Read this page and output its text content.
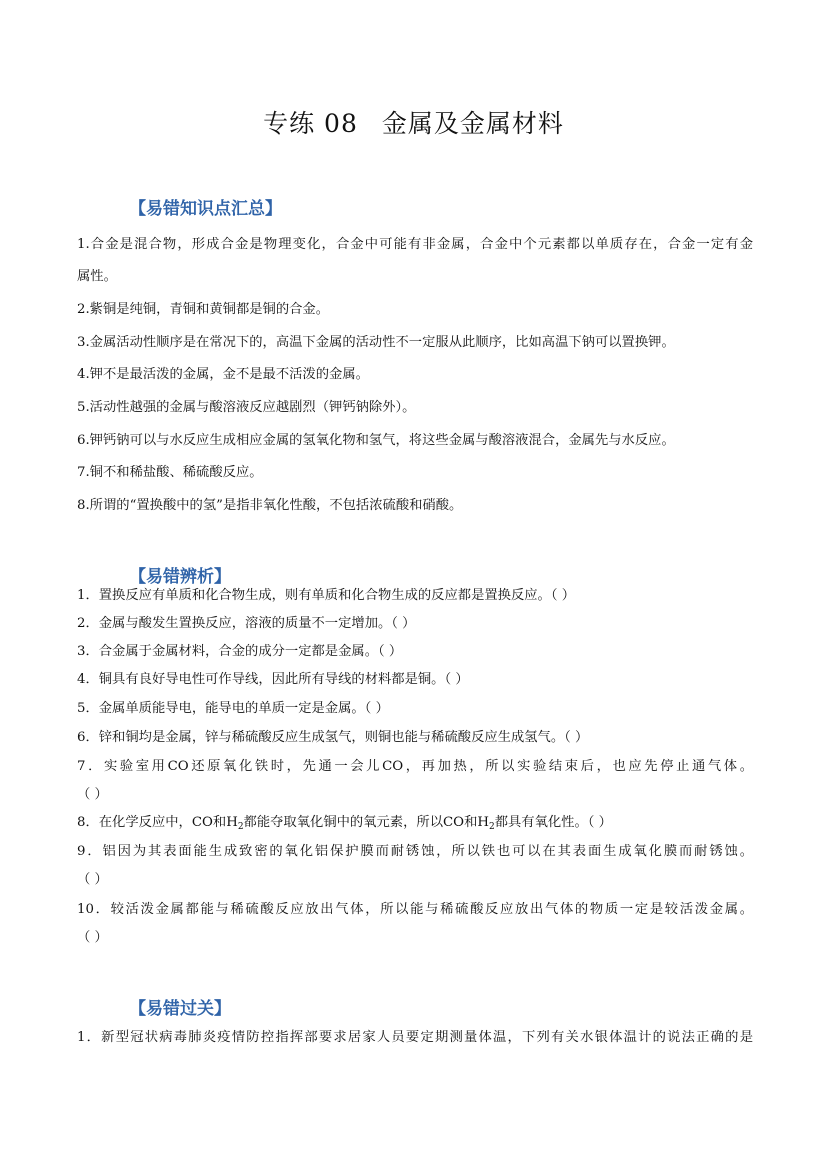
专练 08 金属及金属材料
【易错知识点汇总】
1.合金是混合物，形成合金是物理变化，合金中可能有非金属，合金中个元素都以单质存在，合金一定有金
属性。
2.紫铜是纯铜，青铜和黄铜都是铜的合金。
3.金属活动性顺序是在常况下的，高温下金属的活动性不一定服从此顺序，比如高温下钠可以置换钾。
4.钾不是最活泼的金属，金不是最不活泼的金属。
5.活动性越强的金属与酸溶液反应越剧烈（钾钙钠除外）。
6.钾钙钠可以与水反应生成相应金属的氢氧化物和氢气，将这些金属与酸溶液混合，金属先与水反应。
7.铜不和稀盐酸、稀硫酸反应。
8.所谓的“置换酸中的氢”是指非氧化性酸，不包括浓硫酸和硝酸。
【易错辨析】
1．置换反应有单质和化合物生成，则有单质和化合物生成的反应都是置换反应。（ ）
2．金属与酸发生置换反应，溶液的质量不一定增加。（ ）
3．合金属于金属材料，合金的成分一定都是金属。（ ）
4．铜具有良好导电性可作导线，因此所有导线的材料都是铜。（ ）
5．金属单质能导电，能导电的单质一定是金属。（ ）
6．锌和铜均是金属，锌与稀硫酸反应生成氢气，则铜也能与稀硫酸反应生成氢气。（ ）
7．实验室用CO还原氧化铁时，先通一会儿CO，再加热，所以实验结束后，也应先停止通气体。
（ ）
8．在化学反应中，CO和$H_2$都能夺取氧化铜中的氧元素，所以CO和$H_2$都具有氧化性。（ ）
9．铝因为其表面能生成致密的氧化铝保护膜而耐锈蚀，所以铁也可以在其表面生成氧化膜而耐锈蚀。
（ ）
10．较活泼金属都能与稀硫酸反应放出气体，所以能与稀硫酸反应放出气体的物质一定是较活泼金属。
（ ）
【易错过关】
1．新型冠状病毒肺炎疫情防控指挥部要求居家人员要定期测量体温，下列有关水银体温计的说法正确的是
